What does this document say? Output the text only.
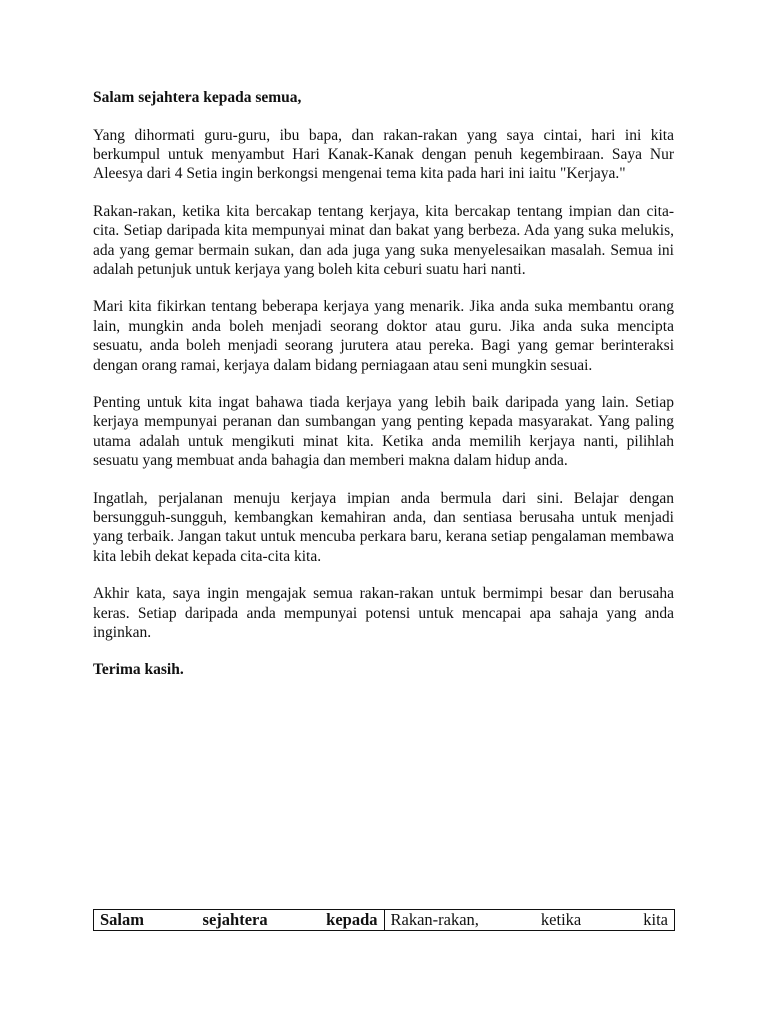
Salam sejahtera kepada semua,

Yang dihormati guru-guru, ibu bapa, dan rakan-rakan yang saya cintai, hari ini kita berkumpul untuk menyambut Hari Kanak-Kanak dengan penuh kegembiraan. Saya Nur Aleesya dari 4 Setia ingin berkongsi mengenai tema kita pada hari ini iaitu "Kerjaya."

Rakan-rakan, ketika kita bercakap tentang kerjaya, kita bercakap tentang impian dan cita-cita. Setiap daripada kita mempunyai minat dan bakat yang berbeza. Ada yang suka melukis, ada yang gemar bermain sukan, dan ada juga yang suka menyelesaikan masalah. Semua ini adalah petunjuk untuk kerjaya yang boleh kita ceburi suatu hari nanti.

Mari kita fikirkan tentang beberapa kerjaya yang menarik. Jika anda suka membantu orang lain, mungkin anda boleh menjadi seorang doktor atau guru. Jika anda suka mencipta sesuatu, anda boleh menjadi seorang jurutera atau pereka. Bagi yang gemar berinteraksi dengan orang ramai, kerjaya dalam bidang perniagaan atau seni mungkin sesuai.

Penting untuk kita ingat bahawa tiada kerjaya yang lebih baik daripada yang lain. Setiap kerjaya mempunyai peranan dan sumbangan yang penting kepada masyarakat. Yang paling utama adalah untuk mengikuti minat kita. Ketika anda memilih kerjaya nanti, pilihlah sesuatu yang membuat anda bahagia dan memberi makna dalam hidup anda.

Ingatlah, perjalanan menuju kerjaya impian anda bermula dari sini. Belajar dengan bersungguh-sungguh, kembangkan kemahiran anda, dan sentiasa berusaha untuk menjadi yang terbaik. Jangan takut untuk mencuba perkara baru, kerana setiap pengalaman membawa kita lebih dekat kepada cita-cita kita.

Akhir kata, saya ingin mengajak semua rakan-rakan untuk bermimpi besar dan berusaha keras. Setiap daripada anda mempunyai potensi untuk mencapai apa sahaja yang anda inginkan.

Terima kasih.

Salam sejahtera kepada Rakan-rakan, ketika kita
